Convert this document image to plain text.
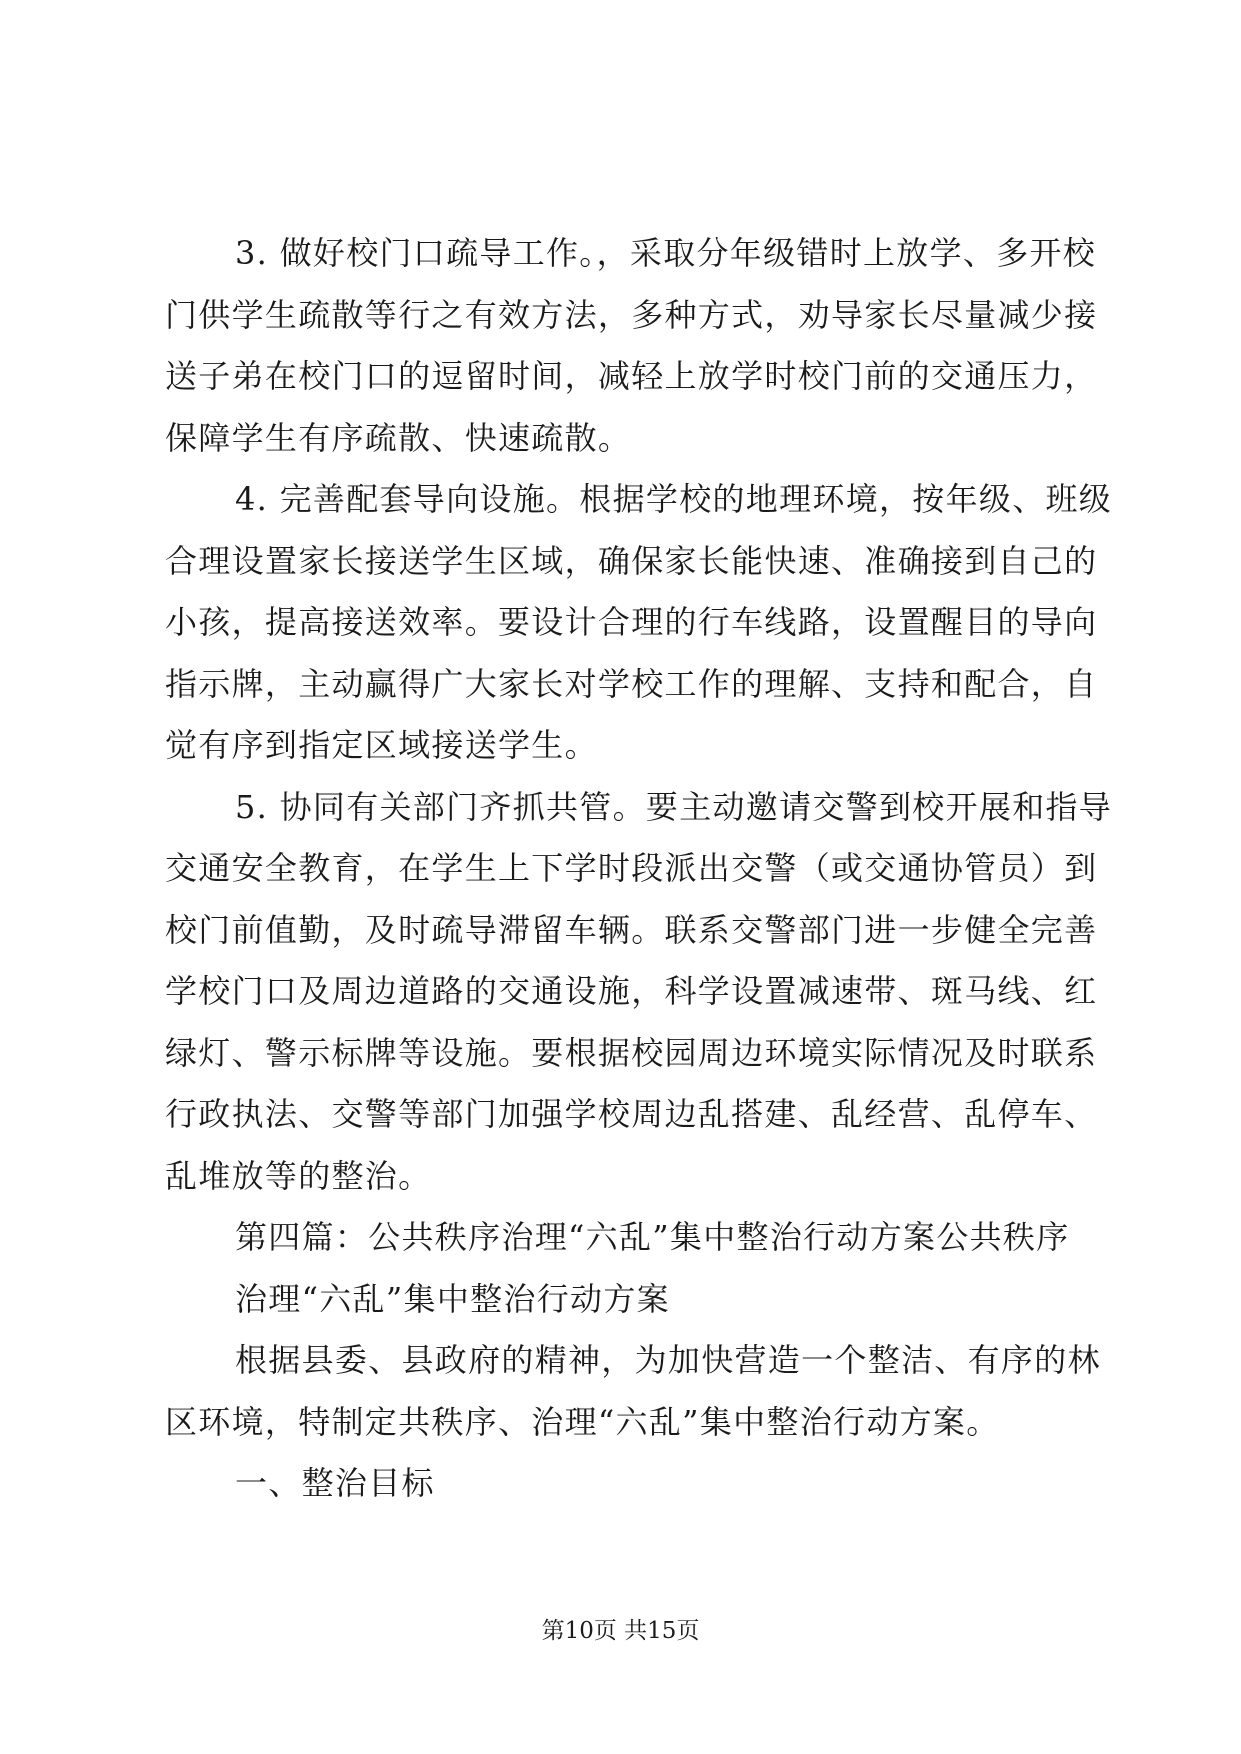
3. 做好校门口疏导工作。，采取分年级错时上放学、多开校
门供学生疏散等行之有效方法，多种方式，劝导家长尽量减少接
送子弟在校门口的逗留时间，减轻上放学时校门前的交通压力，
保障学生有序疏散、快速疏散。
4. 完善配套导向设施。根据学校的地理环境，按年级、班级
合理设置家长接送学生区域，确保家长能快速、准确接到自己的
小孩，提高接送效率。要设计合理的行车线路，设置醒目的导向
指示牌，主动赢得广大家长对学校工作的理解、支持和配合，自
觉有序到指定区域接送学生。
5. 协同有关部门齐抓共管。要主动邀请交警到校开展和指导
交通安全教育，在学生上下学时段派出交警（或交通协管员）到
校门前值勤，及时疏导滞留车辆。联系交警部门进一步健全完善
学校门口及周边道路的交通设施，科学设置减速带、斑马线、红
绿灯、警示标牌等设施。要根据校园周边环境实际情况及时联系
行政执法、交警等部门加强学校周边乱搭建、乱经营、乱停车、
乱堆放等的整治。
第四篇：公共秩序治理“六乱”集中整治行动方案公共秩序
治理“六乱”集中整治行动方案
根据县委、县政府的精神，为加快营造一个整洁、有序的林
区环境，特制定共秩序、治理“六乱”集中整治行动方案。
一、整治目标
第10页 共15页
